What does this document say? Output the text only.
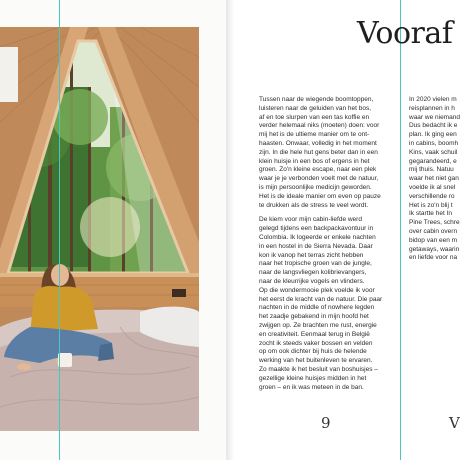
Vooraf

Tussen naar de wiegende boomtoppen,
luisteren naar de geluiden van het bos,
af en toe slurpen van een tas koffie en
verder helemaal niks (moeten) doen: voor
mij het is de ultieme manier om te ont-
haasten. Onwaar, volledig in het moment
zijn. In die hele hut gens beter dan in een
klein huisje in een bos of ergens in het
groen. Zo'n kleine escape, naar een plek
waar je je verbonden voelt met de natuur,
is mijn persoonlijke medicijn geworden.
Het is de ideale manier om even op pauze
te drukken als de stress te veel wordt.

De kiem voor mijn cabin-liefde werd
gelegd tijdens een backpackavontuur in
Colombia. Ik logeerde er enkele nachten
in een hostel in de Sierra Nevada. Daar
kon ik vanop het terras zicht hebben
naar het tropische groen van de jungle,
naar de langsvliegen kolibrievangers,
naar de kleurrijke vogels en vlinders.
Op die wondermooie plek voelde ik voor
het eerst de kracht van de natuur. Die paar
nachten in de middle of nowhere legden
het zaadje gebakend in mijn hoofd het
zwijgen op. Ze brachten me rust, energie
en creativiteit. Eenmaal terug in België
zocht ik steeds vaker bossen en velden
op om ook dichter bij huis de helende
werking van het buitenleven te ervaren.
Zo maakte ik het besluit van boshuisjes –
gezellige kleine huisjes midden in het
groen – en ik was meteen in de ban.

In 2020 vielen m
reisplannen in h
waar we niemand
Dus bedacht ik e
plan. Ik ging een
in cabins, boomh
Kins, vaak schuil
gegarandeerd, e
mij thuis. Natuu
waar het niet gan
voelde ik al snel
verschillende ro
Het is zo'n blij t
Ik startte het In
Pine Trees, schre
over cabin overn
bidop van een m
getaways, waarin
en liefde voor na
9	V
